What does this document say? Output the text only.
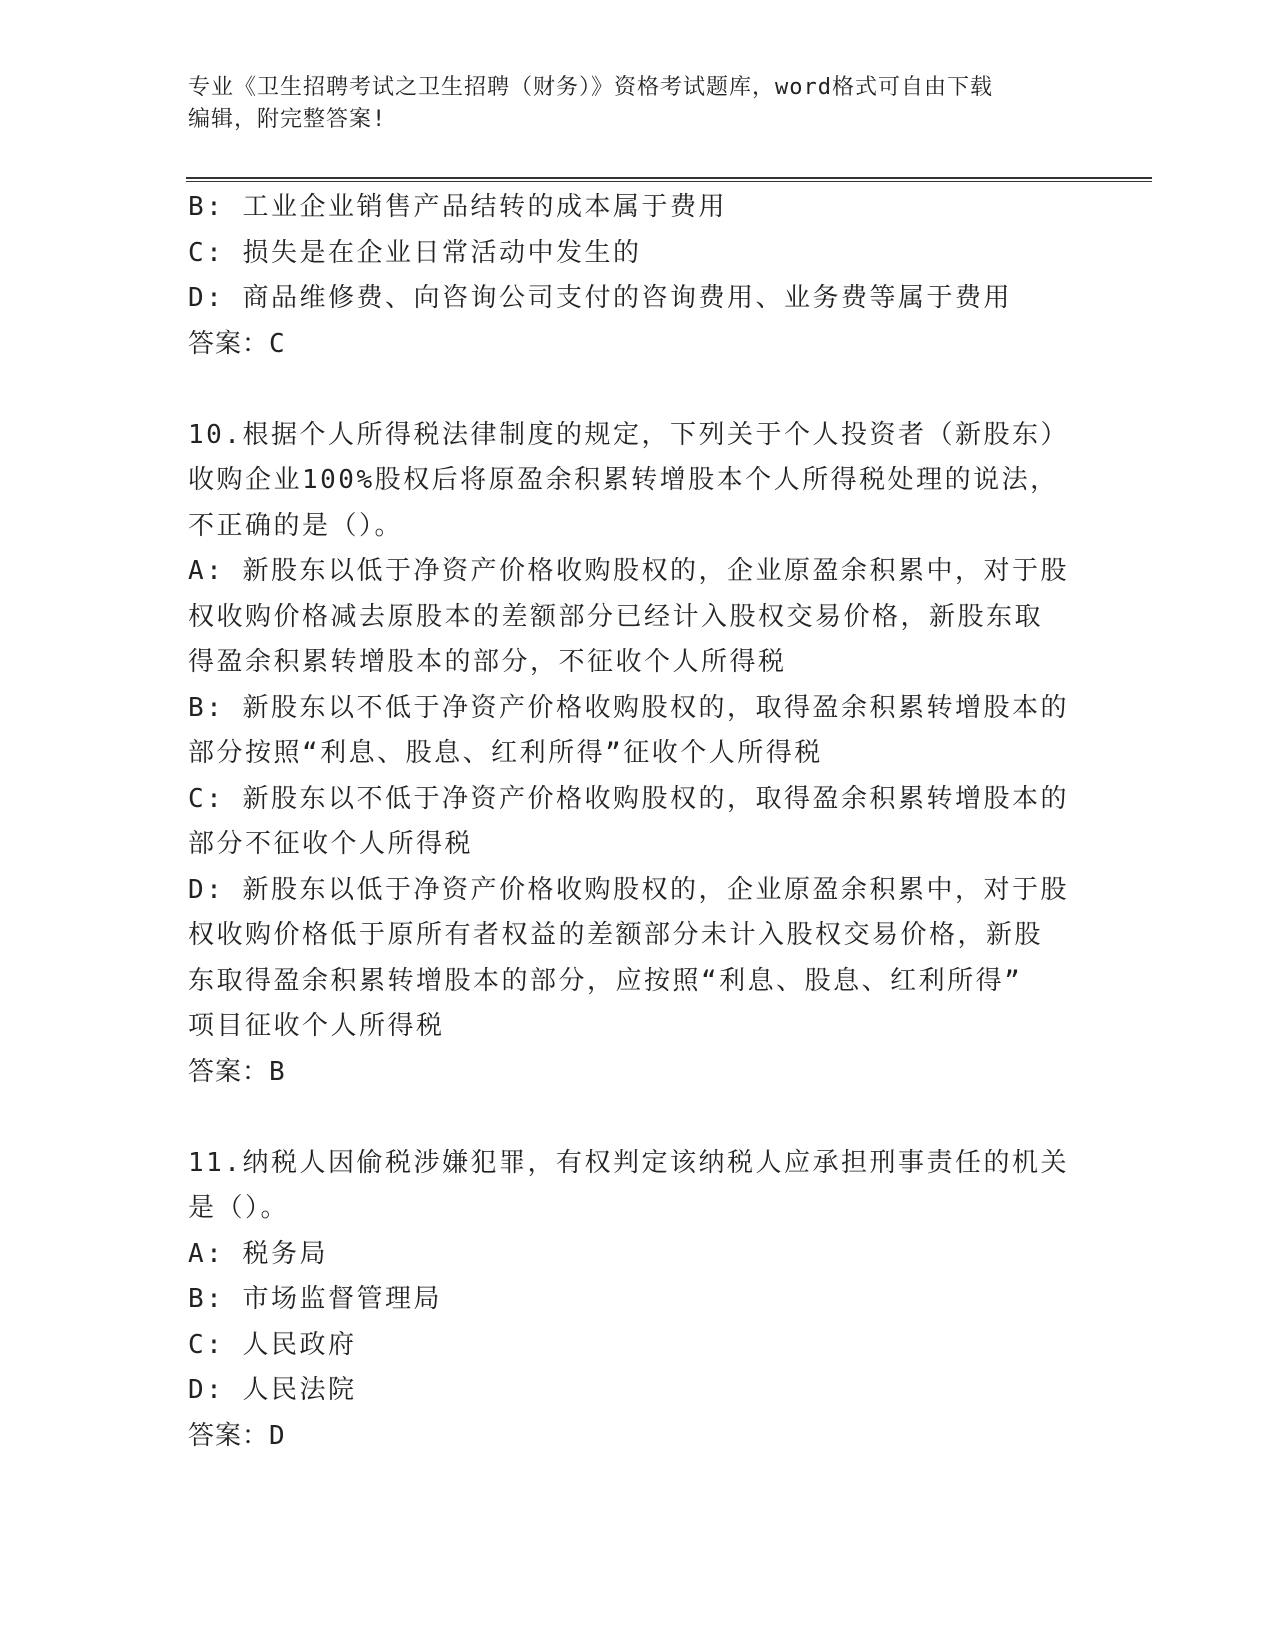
专业《卫生招聘考试之卫生招聘（财务）》资格考试题库，word格式可自由下载
编辑，附完整答案!
B: 工业企业销售产品结转的成本属于费用
C: 损失是在企业日常活动中发生的
D: 商品维修费、向咨询公司支付的咨询费用、业务费等属于费用
答案：C
10.根据个人所得税法律制度的规定，下列关于个人投资者（新股东）
收购企业100%股权后将原盈余积累转增股本个人所得税处理的说法，
不正确的是（）。
A: 新股东以低于净资产价格收购股权的，企业原盈余积累中，对于股
权收购价格减去原股本的差额部分已经计入股权交易价格，新股东取
得盈余积累转增股本的部分，不征收个人所得税
B: 新股东以不低于净资产价格收购股权的，取得盈余积累转增股本的
部分按照“利息、股息、红利所得”征收个人所得税
C: 新股东以不低于净资产价格收购股权的，取得盈余积累转增股本的
部分不征收个人所得税
D: 新股东以低于净资产价格收购股权的，企业原盈余积累中，对于股
权收购价格低于原所有者权益的差额部分未计入股权交易价格，新股
东取得盈余积累转增股本的部分，应按照“利息、股息、红利所得”
项目征收个人所得税
答案：B
11.纳税人因偷税涉嫌犯罪，有权判定该纳税人应承担刑事责任的机关
是（）。
A: 税务局
B: 市场监督管理局
C: 人民政府
D: 人民法院
答案：D
